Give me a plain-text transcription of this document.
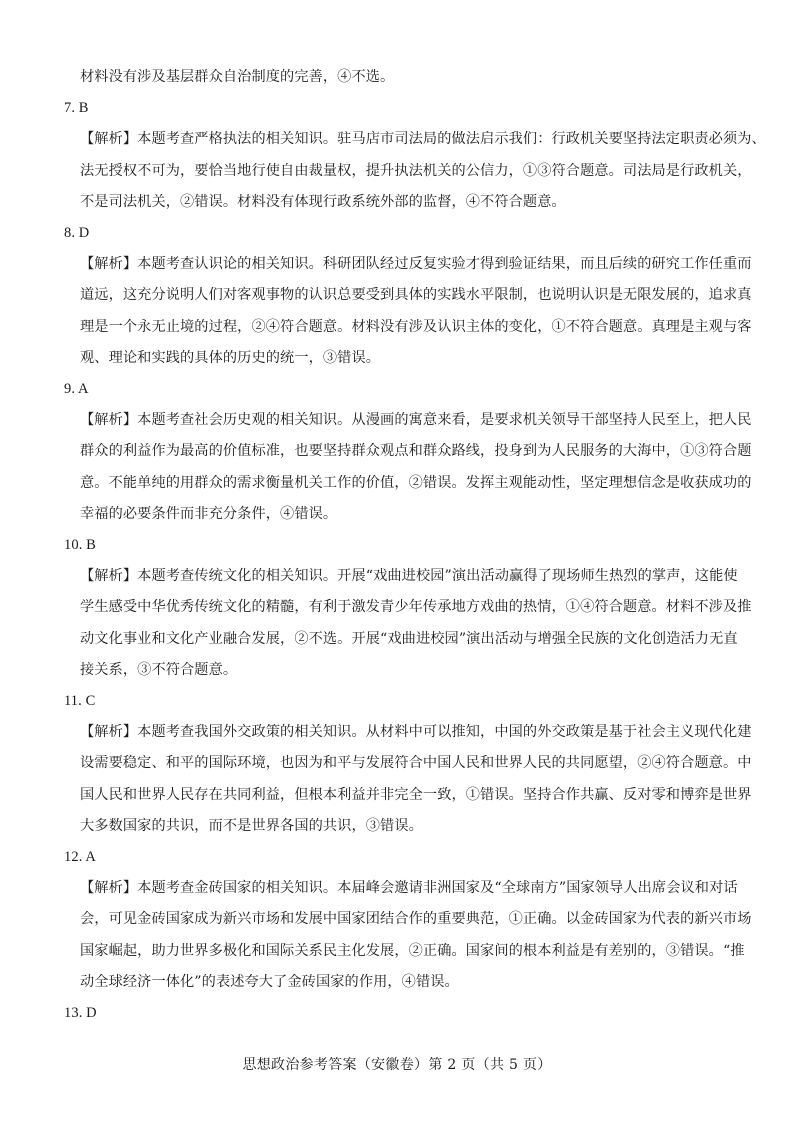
材料没有涉及基层群众自治制度的完善，④不选。
7. B
【解析】本题考查严格执法的相关知识。驻马店市司法局的做法启示我们：行政机关要坚持法定职责必须为、
法无授权不可为，要恰当地行使自由裁量权，提升执法机关的公信力，①③符合题意。司法局是行政机关，
不是司法机关，②错误。材料没有体现行政系统外部的监督，④不符合题意。
8. D
【解析】本题考查认识论的相关知识。科研团队经过反复实验才得到验证结果，而且后续的研究工作任重而
道远，这充分说明人们对客观事物的认识总要受到具体的实践水平限制，也说明认识是无限发展的，追求真
理是一个永无止境的过程，②④符合题意。材料没有涉及认识主体的变化，①不符合题意。真理是主观与客
观、理论和实践的具体的历史的统一，③错误。
9. A
【解析】本题考查社会历史观的相关知识。从漫画的寓意来看，是要求机关领导干部坚持人民至上，把人民
群众的利益作为最高的价值标准，也要坚持群众观点和群众路线，投身到为人民服务的大海中，①③符合题
意。不能单纯的用群众的需求衡量机关工作的价值，②错误。发挥主观能动性，坚定理想信念是收获成功的
幸福的必要条件而非充分条件，④错误。
10. B
【解析】本题考查传统文化的相关知识。开展“戏曲进校园”演出活动赢得了现场师生热烈的掌声，这能使
学生感受中华优秀传统文化的精髓，有利于激发青少年传承地方戏曲的热情，①④符合题意。材料不涉及推
动文化事业和文化产业融合发展，②不选。开展“戏曲进校园”演出活动与增强全民族的文化创造活力无直
接关系，③不符合题意。
11. C
【解析】本题考查我国外交政策的相关知识。从材料中可以推知，中国的外交政策是基于社会主义现代化建
设需要稳定、和平的国际环境，也因为和平与发展符合中国人民和世界人民的共同愿望，②④符合题意。中
国人民和世界人民存在共同利益，但根本利益并非完全一致，①错误。坚持合作共赢、反对零和博弈是世界
大多数国家的共识，而不是世界各国的共识，③错误。
12. A
【解析】本题考查金砖国家的相关知识。本届峰会邀请非洲国家及“全球南方”国家领导人出席会议和对话
会，可见金砖国家成为新兴市场和发展中国家团结合作的重要典范，①正确。以金砖国家为代表的新兴市场
国家崛起，助力世界多极化和国际关系民主化发展，②正确。国家间的根本利益是有差别的，③错误。“推
动全球经济一体化”的表述夸大了金砖国家的作用，④错误。
13. D
思想政治参考答案（安徽卷）第 2 页（共 5 页）
